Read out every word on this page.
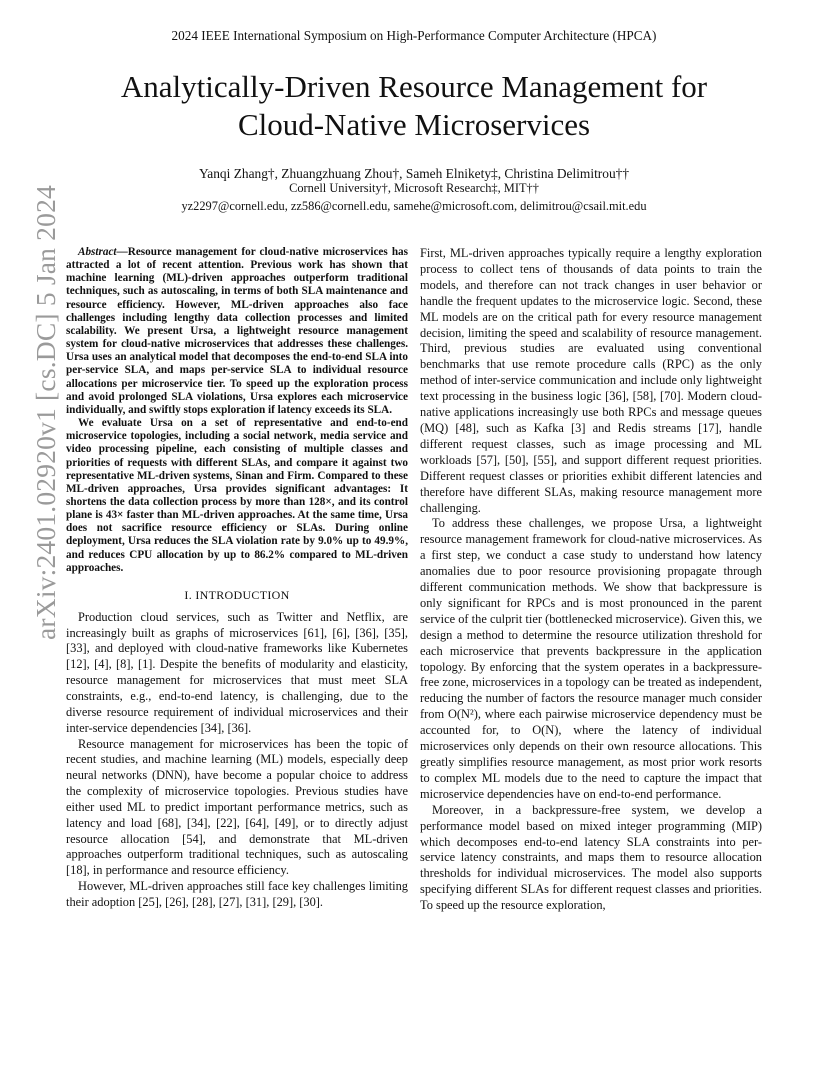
2024 IEEE International Symposium on High-Performance Computer Architecture (HPCA)
Analytically-Driven Resource Management for
Cloud-Native Microservices
Yanqi Zhang†, Zhuangzhuang Zhou†, Sameh Elnikety‡, Christina Delimitrou††
Cornell University†, Microsoft Research‡, MIT††
yz2297@cornell.edu, zz586@cornell.edu, samehe@microsoft.com, delimitrou@csail.mit.edu
arXiv:2401.02920v1 [cs.DC] 5 Jan 2024	Abstract—Resource management for cloud-native microservices has attracted a lot of recent attention. Previous work has shown that machine learning (ML)-driven approaches outperform traditional techniques, such as autoscaling, in terms of both SLA maintenance and resource efficiency. However, ML-driven approaches also face challenges including lengthy data collection processes and limited scalability. We present Ursa, a lightweight resource management system for cloud-native microservices that addresses these challenges. Ursa uses an analytical model that decomposes the end-to-end SLA into per-service SLA, and maps per-service SLA to individual resource allocations per microservice tier. To speed up the exploration process and avoid prolonged SLA violations, Ursa explores each microservice individually, and swiftly stops exploration if latency exceeds its SLA.
We evaluate Ursa on a set of representative and end-to-end microservice topologies, including a social network, media service and video processing pipeline, each consisting of multiple classes and priorities of requests with different SLAs, and compare it against two representative ML-driven systems, Sinan and Firm. Compared to these ML-driven approaches, Ursa provides significant advantages: It shortens the data collection process by more than 128×, and its control plane is 43× faster than ML-driven approaches. At the same time, Ursa does not sacrifice resource efficiency or SLAs. During online deployment, Ursa reduces the SLA violation rate by 9.0% up to 49.9%, and reduces CPU allocation by up to 86.2% compared to ML-driven approaches.
I. INTRODUCTION

Production cloud services, such as Twitter and Netflix, are increasingly built as graphs of microservices [61], [6], [36], [35], [33], and deployed with cloud-native frameworks like Kubernetes [12], [4], [8], [1]. Despite the benefits of modularity and elasticity, resource management for microservices that must meet SLA constraints, e.g., end-to-end latency, is challenging, due to the diverse resource requirement of individual microservices and their inter-service dependencies [34], [36].

Resource management for microservices has been the topic of recent studies, and machine learning (ML) models, especially deep neural networks (DNN), have become a popular choice to address the complexity of microservice topologies. Previous studies have either used ML to predict important performance metrics, such as latency and load [68], [34], [22], [64], [49], or to directly adjust resource allocation [54], and demonstrate that ML-driven approaches outperform traditional techniques, such as autoscaling [18], in performance and resource efficiency.

However, ML-driven approaches still face key challenges limiting their adoption [25], [26], [28], [27], [31], [29], [30].

First, ML-driven approaches typically require a lengthy exploration process to collect tens of thousands of data points to train the models, and therefore can not track changes in user behavior or handle the frequent updates to the microservice logic. Second, these ML models are on the critical path for every resource management decision, limiting the speed and scalability of resource management. Third, previous studies are evaluated using conventional benchmarks that use remote procedure calls (RPC) as the only method of inter-service communication and include only lightweight text processing in the business logic [36], [58], [70]. Modern cloud-native applications increasingly use both RPCs and message queues (MQ) [48], such as Kafka [3] and Redis streams [17], handle different request classes, such as image processing and ML workloads [57], [50], [55], and support different request priorities. Different request classes or priorities exhibit different latencies and therefore have different SLAs, making resource management more challenging.

To address these challenges, we propose Ursa, a lightweight resource management framework for cloud-native microservices. As a first step, we conduct a case study to understand how latency anomalies due to poor resource provisioning propagate through different communication methods. We show that backpressure is only significant for RPCs and is most pronounced in the parent service of the culprit tier (bottlenecked microservice). Given this, we design a method to determine the resource utilization threshold for each microservice that prevents backpressure in the application topology. By enforcing that the system operates in a backpressure-free zone, microservices in a topology can be treated as independent, reducing the number of factors the resource manager much consider from O(N²), where each pairwise microservice dependency must be accounted for, to O(N), where the latency of individual microservices only depends on their own resource allocations. This greatly simplifies resource management, as most prior work resorts to complex ML models due to the need to capture the impact that microservice dependencies have on end-to-end performance.

Moreover, in a backpressure-free system, we develop a performance model based on mixed integer programming (MIP) which decomposes end-to-end latency SLA constraints into per-service latency constraints, and maps them to resource allocation thresholds for individual microservices. The model also supports specifying different SLAs for different request classes and priorities. To speed up the resource exploration,
